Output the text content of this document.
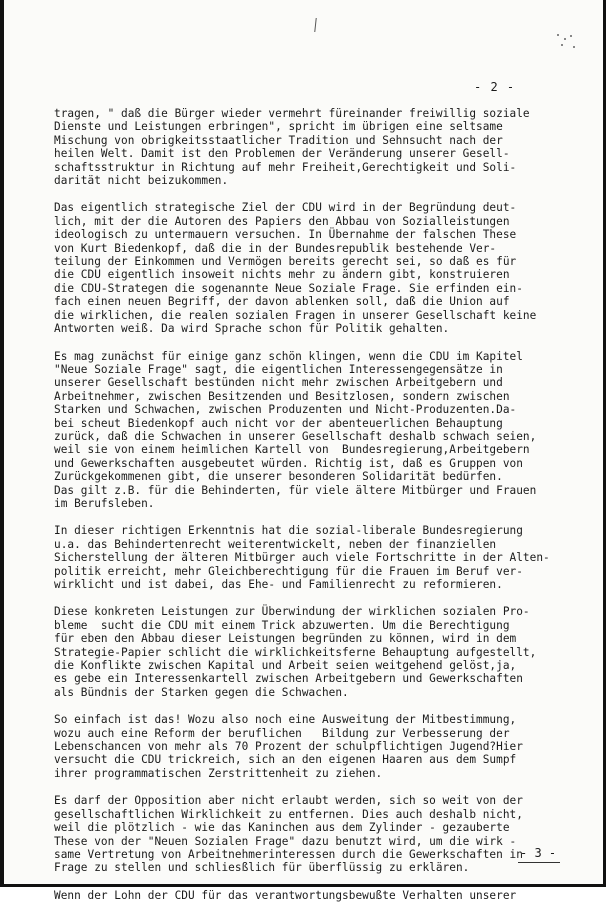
- 2 -
tragen, " daß die Bürger wieder vermehrt füreinander freiwillig soziale
Dienste und Leistungen erbringen", spricht im übrigen eine seltsame
Mischung von obrigkeitsstaatlicher Tradition und Sehnsucht nach der
heilen Welt. Damit ist den Problemen der Veränderung unserer Gesell-
schaftsstruktur in Richtung auf mehr Freiheit,Gerechtigkeit und Soli-
darität nicht beizukommen.
Das eigentlich strategische Ziel der CDU wird in der Begründung deut-
lich, mit der die Autoren des Papiers den Abbau von Sozialleistungen
ideologisch zu untermauern versuchen. In Übernahme der falschen These
von Kurt Biedenkopf, daß die in der Bundesrepublik bestehende Ver-
teilung der Einkommen und Vermögen bereits gerecht sei, so daß es für
die CDU eigentlich insoweit nichts mehr zu ändern gibt, konstruieren
die CDU-Strategen die sogenannte Neue Soziale Frage. Sie erfinden ein-
fach einen neuen Begriff, der davon ablenken soll, daß die Union auf
die wirklichen, die realen sozialen Fragen in unserer Gesellschaft keine
Antworten weiß. Da wird Sprache schon für Politik gehalten.
Es mag zunächst für einige ganz schön klingen, wenn die CDU im Kapitel
"Neue Soziale Frage" sagt, die eigentlichen Interessengegensätze in
unserer Gesellschaft bestünden nicht mehr zwischen Arbeitgebern und
Arbeitnehmer, zwischen Besitzenden und Besitzlosen, sondern zwischen
Starken und Schwachen, zwischen Produzenten und Nicht-Produzenten.Da-
bei scheut Biedenkopf auch nicht vor der abenteuerlichen Behauptung
zurück, daß die Schwachen in unserer Gesellschaft deshalb schwach seien,
weil sie von einem heimlichen Kartell von  Bundesregierung,Arbeitgebern
und Gewerkschaften ausgebeutet würden. Richtig ist, daß es Gruppen von
Zurückgekommenen gibt, die unserer besonderen Solidarität bedürfen.
Das gilt z.B. für die Behinderten, für viele ältere Mitbürger und Frauen
im Berufsleben.
In dieser richtigen Erkenntnis hat die sozial-liberale Bundesregierung
u.a. das Behindertenrecht weiterentwickelt, neben der finanziellen
Sicherstellung der älteren Mitbürger auch viele Fortschritte in der Alten-
politik erreicht, mehr Gleichberechtigung für die Frauen im Beruf ver-
wirklicht und ist dabei, das Ehe- und Familienrecht zu reformieren.
Diese konkreten Leistungen zur Überwindung der wirklichen sozialen Pro-
bleme  sucht die CDU mit einem Trick abzuwerten. Um die Berechtigung
für eben den Abbau dieser Leistungen begründen zu können, wird in dem
Strategie-Papier schlicht die wirklichkeitsferne Behauptung aufgestellt,
die Konflikte zwischen Kapital und Arbeit seien weitgehend gelöst,ja,
es gebe ein Interessenkartell zwischen Arbeitgebern und Gewerkschaften
als Bündnis der Starken gegen die Schwachen.
So einfach ist das! Wozu also noch eine Ausweitung der Mitbestimmung,
wozu auch eine Reform der beruflichen   Bildung zur Verbesserung der
Lebenschancen von mehr als 70 Prozent der schulpflichtigen Jugend?Hier
versucht die CDU trickreich, sich an den eigenen Haaren aus dem Sumpf
ihrer programmatischen Zerstrittenheit zu ziehen.
Es darf der Opposition aber nicht erlaubt werden, sich so weit von der
gesellschaftlichen Wirklichkeit zu entfernen. Dies auch deshalb nicht,
weil die plötzlich - wie das Kaninchen aus dem Zylinder - gezauberte
These von der "Neuen Sozialen Frage" dazu benutzt wird, um die wirk -
same Vertretung von Arbeitnehmerinteressen durch die Gewerkschaften in
Frage zu stellen und schliesßlich für überflüssig zu erklären.
Wenn der Lohn der CDU für das verantwortungsbewußte Verhalten unserer
- 3 -
